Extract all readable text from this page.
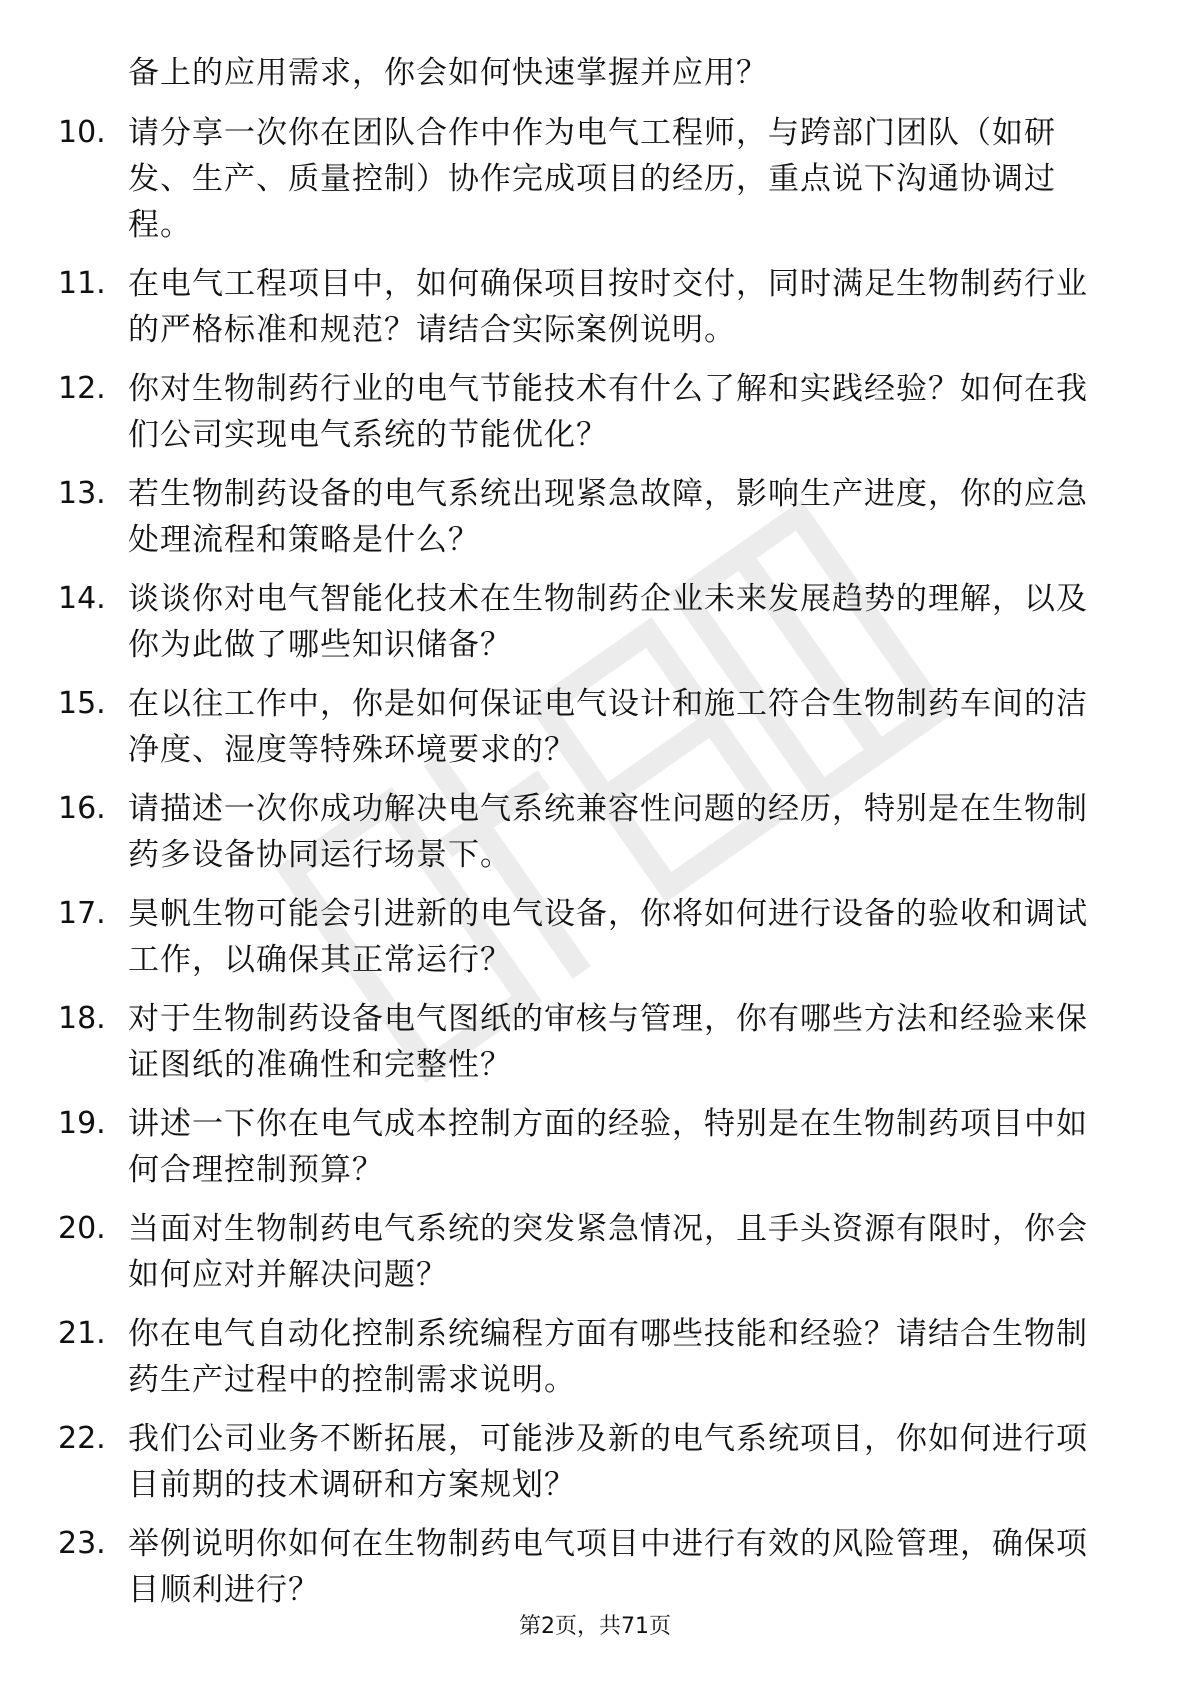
备上的应用需求，你会如何快速掌握并应用？
10. 请分享一次你在团队合作中作为电气工程师，与跨部门团队（如研发、生产、质量控制）协作完成项目的经历，重点说下沟通协调过程。
11. 在电气工程项目中，如何确保项目按时交付，同时满足生物制药行业的严格标准和规范？请结合实际案例说明。
12. 你对生物制药行业的电气节能技术有什么了解和实践经验？如何在我们公司实现电气系统的节能优化？
13. 若生物制药设备的电气系统出现紧急故障，影响生产进度，你的应急处理流程和策略是什么？
14. 谈谈你对电气智能化技术在生物制药企业未来发展趋势的理解，以及你为此做了哪些知识储备？
15. 在以往工作中，你是如何保证电气设计和施工符合生物制药车间的洁净度、湿度等特殊环境要求的？
16. 请描述一次你成功解决电气系统兼容性问题的经历，特别是在生物制药多设备协同运行场景下。
17. 昊帆生物可能会引进新的电气设备，你将如何进行设备的验收和调试工作，以确保其正常运行？
18. 对于生物制药设备电气图纸的审核与管理，你有哪些方法和经验来保证图纸的准确性和完整性？
19. 讲述一下你在电气成本控制方面的经验，特别是在生物制药项目中如何合理控制预算？
20. 当面对生物制药电气系统的突发紧急情况，且手头资源有限时，你会如何应对并解决问题？
21. 你在电气自动化控制系统编程方面有哪些技能和经验？请结合生物制药生产过程中的控制需求说明。
22. 我们公司业务不断拓展，可能涉及新的电气系统项目，你如何进行项目前期的技术调研和方案规划？
23. 举例说明你如何在生物制药电气项目中进行有效的风险管理，确保项目顺利进行？
第2页，共71页
